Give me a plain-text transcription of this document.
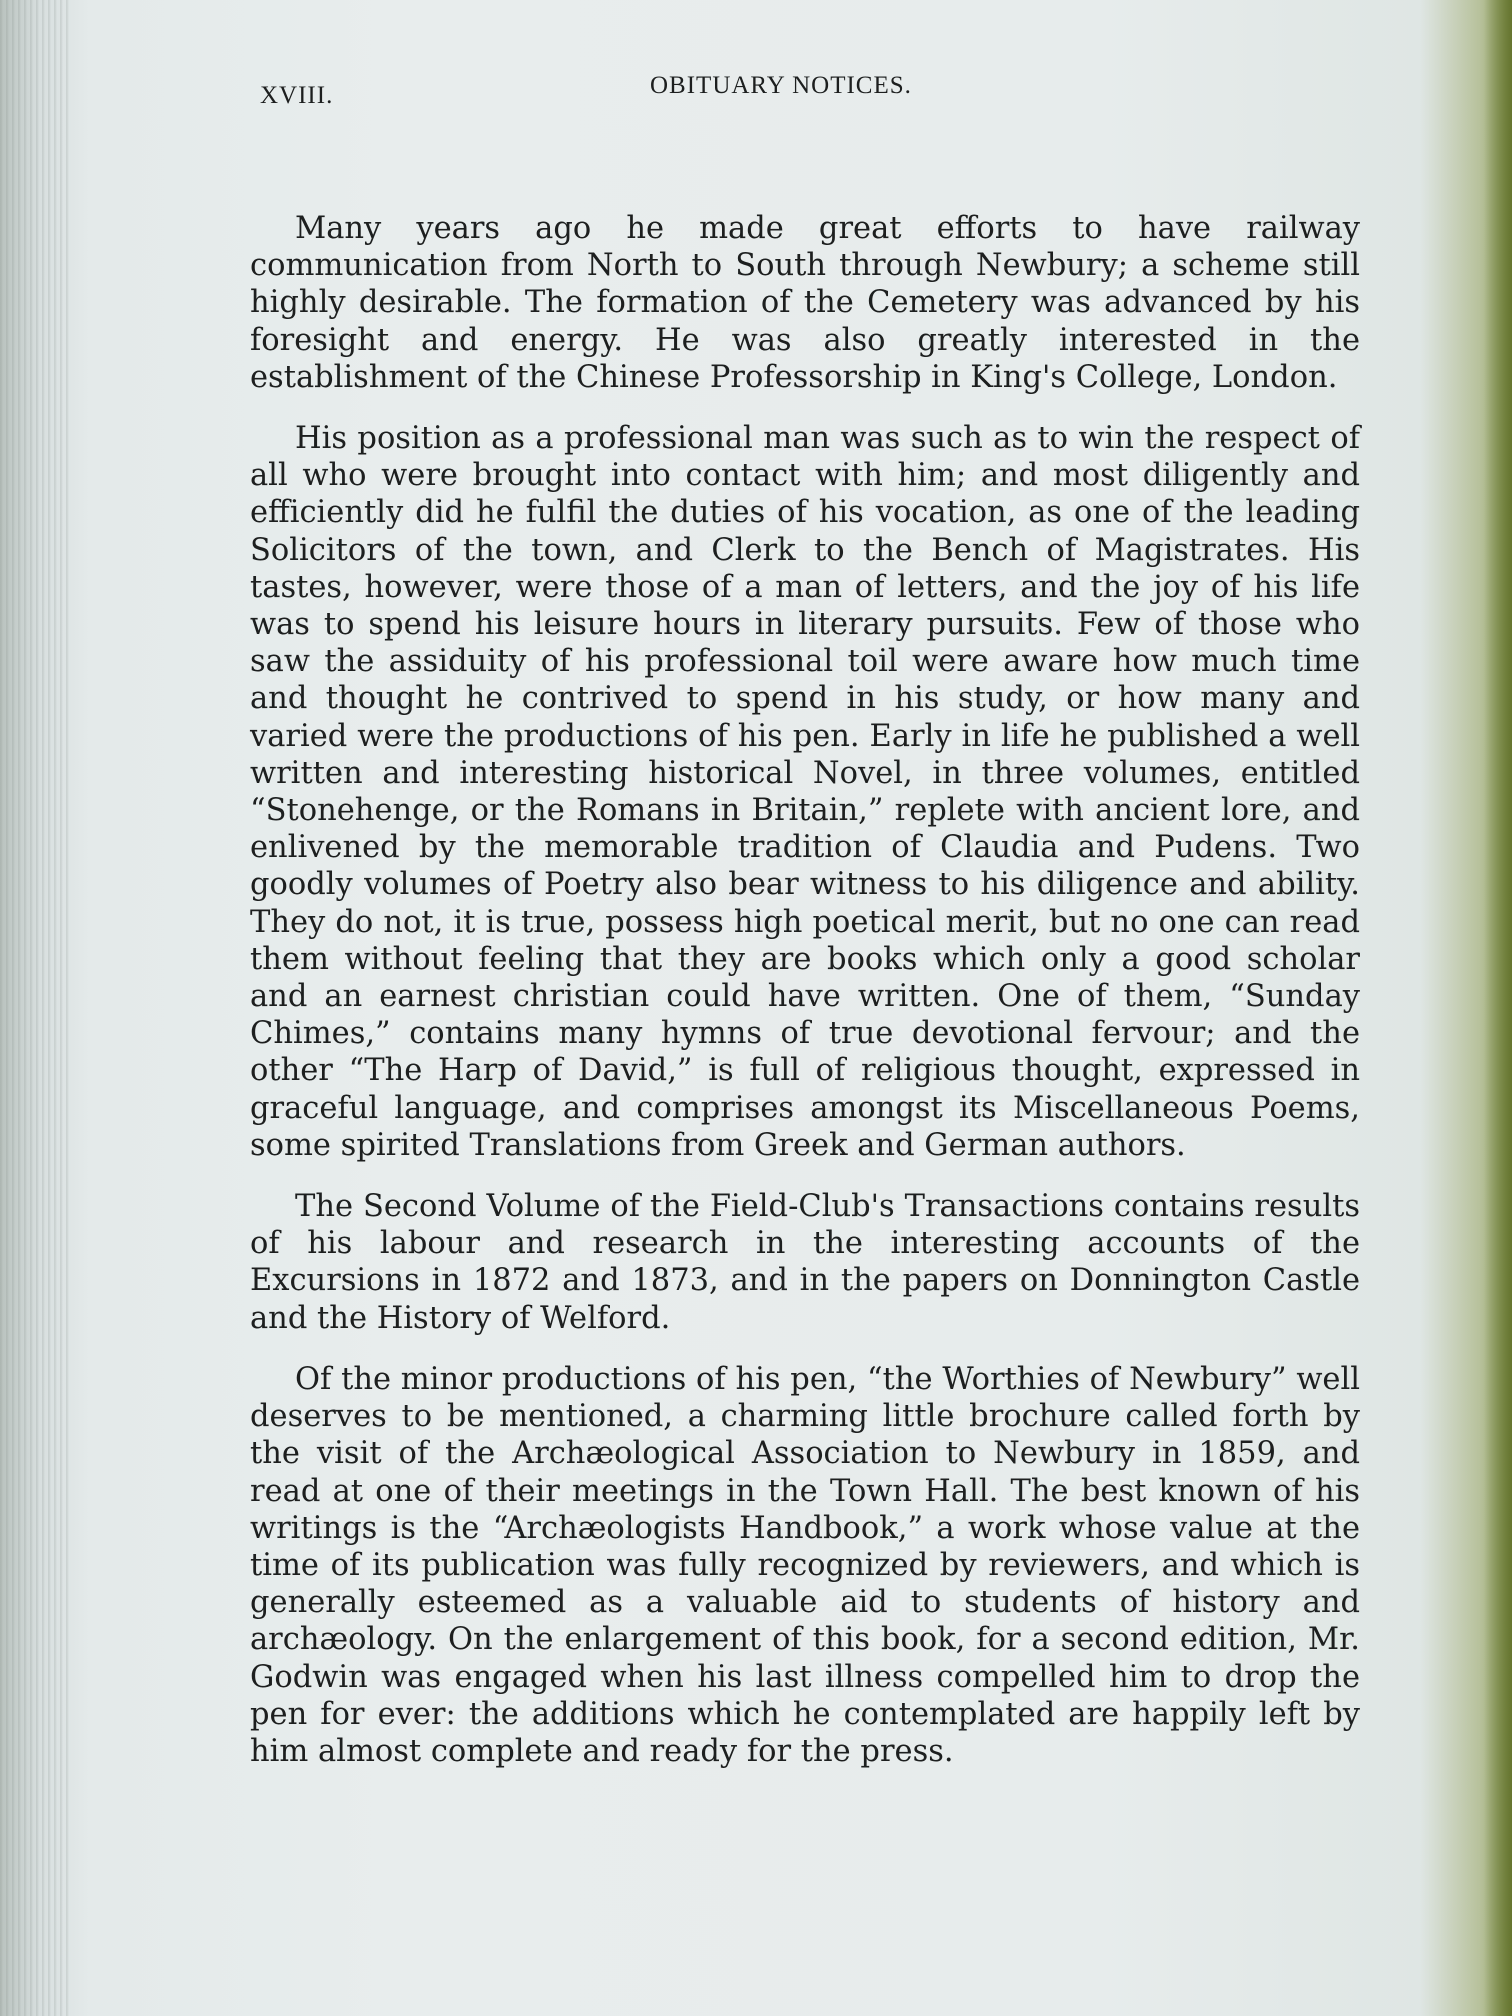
XVIII.	OBITUARY NOTICES.

Many years ago he made great efforts to have railway communication from North to South through Newbury; a scheme still highly desirable. The formation of the Cemetery was advanced by his foresight and energy. He was also greatly interested in the establishment of the Chinese Professorship in King's College, London.

His position as a professional man was such as to win the respect of all who were brought into contact with him; and most diligently and efficiently did he fulfil the duties of his vocation, as one of the leading Solicitors of the town, and Clerk to the Bench of Magistrates. His tastes, however, were those of a man of letters, and the joy of his life was to spend his leisure hours in literary pursuits. Few of those who saw the assiduity of his professional toil were aware how much time and thought he contrived to spend in his study, or how many and varied were the productions of his pen. Early in life he published a well written and interesting historical Novel, in three volumes, entitled “Stonehenge, or the Romans in Britain,” replete with ancient lore, and enlivened by the memorable tradition of Claudia and Pudens. Two goodly volumes of Poetry also bear witness to his diligence and ability. They do not, it is true, possess high poetical merit, but no one can read them without feeling that they are books which only a good scholar and an earnest christian could have written. One of them, “Sunday Chimes,” contains many hymns of true devotional fervour; and the other “The Harp of David,” is full of religious thought, expressed in graceful language, and comprises amongst its Miscellaneous Poems, some spirited Translations from Greek and German authors.

The Second Volume of the Field-Club's Transactions contains results of his labour and research in the interesting accounts of the Excursions in 1872 and 1873, and in the papers on Donnington Castle and the History of Welford.

Of the minor productions of his pen, “the Worthies of Newbury” well deserves to be mentioned, a charming little brochure called forth by the visit of the Archæological Association to Newbury in 1859, and read at one of their meetings in the Town Hall. The best known of his writings is the “Archæologists Handbook,” a work whose value at the time of its publication was fully recognized by reviewers, and which is generally esteemed as a valuable aid to students of history and archæology. On the enlargement of this book, for a second edition, Mr. Godwin was engaged when his last illness compelled him to drop the pen for ever: the additions which he contemplated are happily left by him almost complete and ready for the press.
